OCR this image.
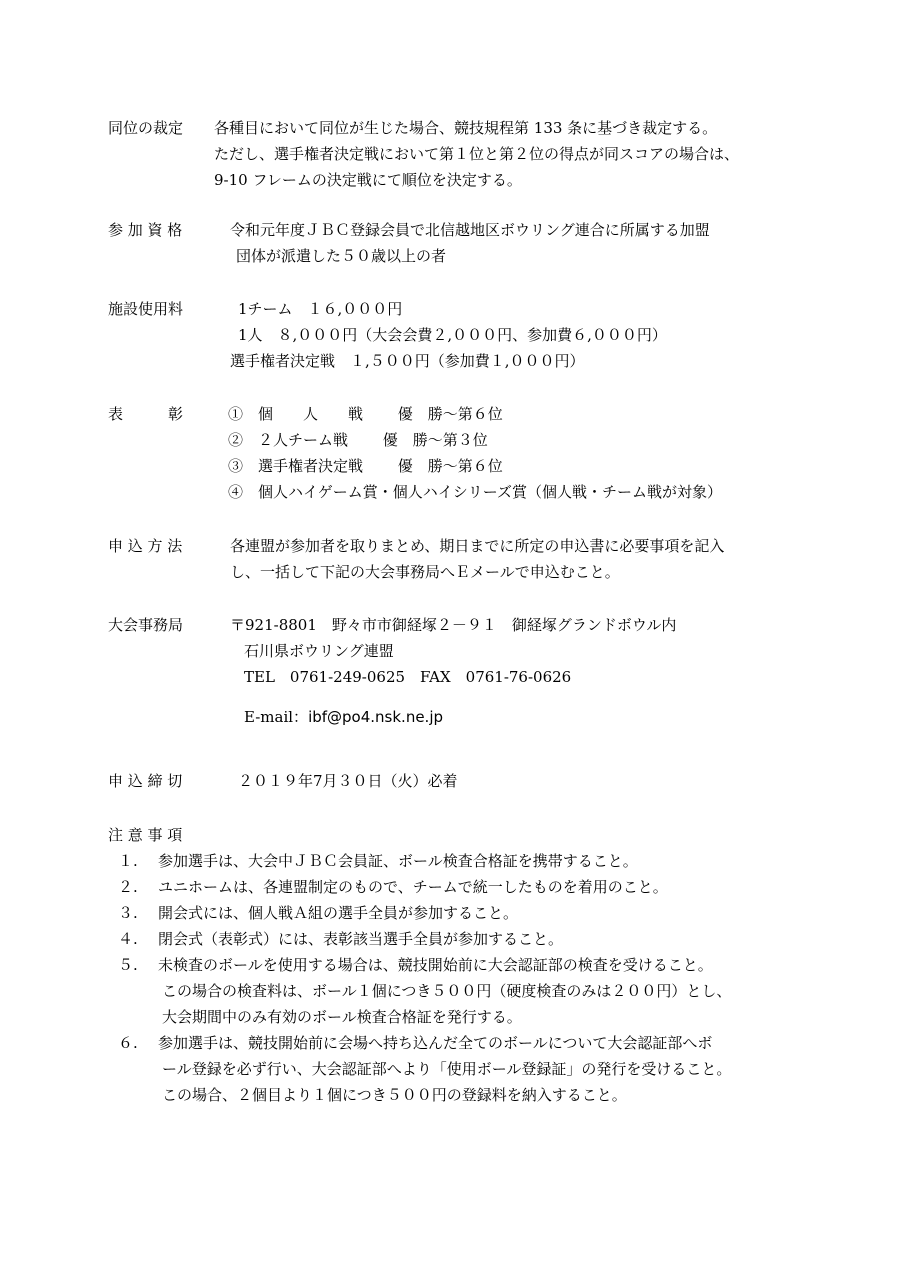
同位の裁定 各種目において同位が生じた場合、競技規程第 133 条に基づき裁定する。
ただし、選手権者決定戦において第１位と第２位の得点が同スコアの場合は、
9-10 フレームの決定戦にて順位を決定する。
参 加 資 格	令和元年度ＪＢＣ登録会員で北信越地区ボウリング連合に所属する加盟
団体が派遣した５０歳以上の者
施設使用料	1チーム　１６,０００円
1人　８,０００円（大会会費２,０００円、参加費６,０００円）
選手権者決定戦　１,５００円（参加費１,０００円）
表　　　彰	①　個　　人　　戦　　 優　勝～第６位
②　２人チーム戦　　 優　勝～第３位
③　選手権者決定戦　　 優　勝～第６位
④　個人ハイゲーム賞・個人ハイシリーズ賞（個人戦・チーム戦が対象）
申 込 方 法	各連盟が参加者を取りまとめ、期日までに所定の申込書に必要事項を記入
し、一括して下記の大会事務局へＥメールで申込むこと。
大会事務局	〒921-8801　野々市市御経塚２－９１　御経塚グランドボウル内
石川県ボウリング連盟
TEL　0761-249-0625　FAX　0761-76-0626
E-mail：ibf@po4.nsk.ne.jp
申 込 締 切	２０１９年7月３０日（火）必着
注 意 事 項
１. 参加選手は、大会中ＪＢＣ会員証、ボール検査合格証を携帯すること。
２. ユニホームは、各連盟制定のもので、チームで統一したものを着用のこと。
３. 開会式には、個人戦Ａ組の選手全員が参加すること。
４. 閉会式（表彰式）には、表彰該当選手全員が参加すること。
５. 未検査のボールを使用する場合は、競技開始前に大会認証部の検査を受けること。
この場合の検査料は、ボール１個につき５００円（硬度検査のみは２００円）とし、
大会期間中のみ有効のボール検査合格証を発行する。
６. 参加選手は、競技開始前に会場へ持ち込んだ全てのボールについて大会認証部へボ
ール登録を必ず行い、大会認証部へより「使用ボール登録証」の発行を受けること。
この場合、２個目より１個につき５００円の登録料を納入すること。
